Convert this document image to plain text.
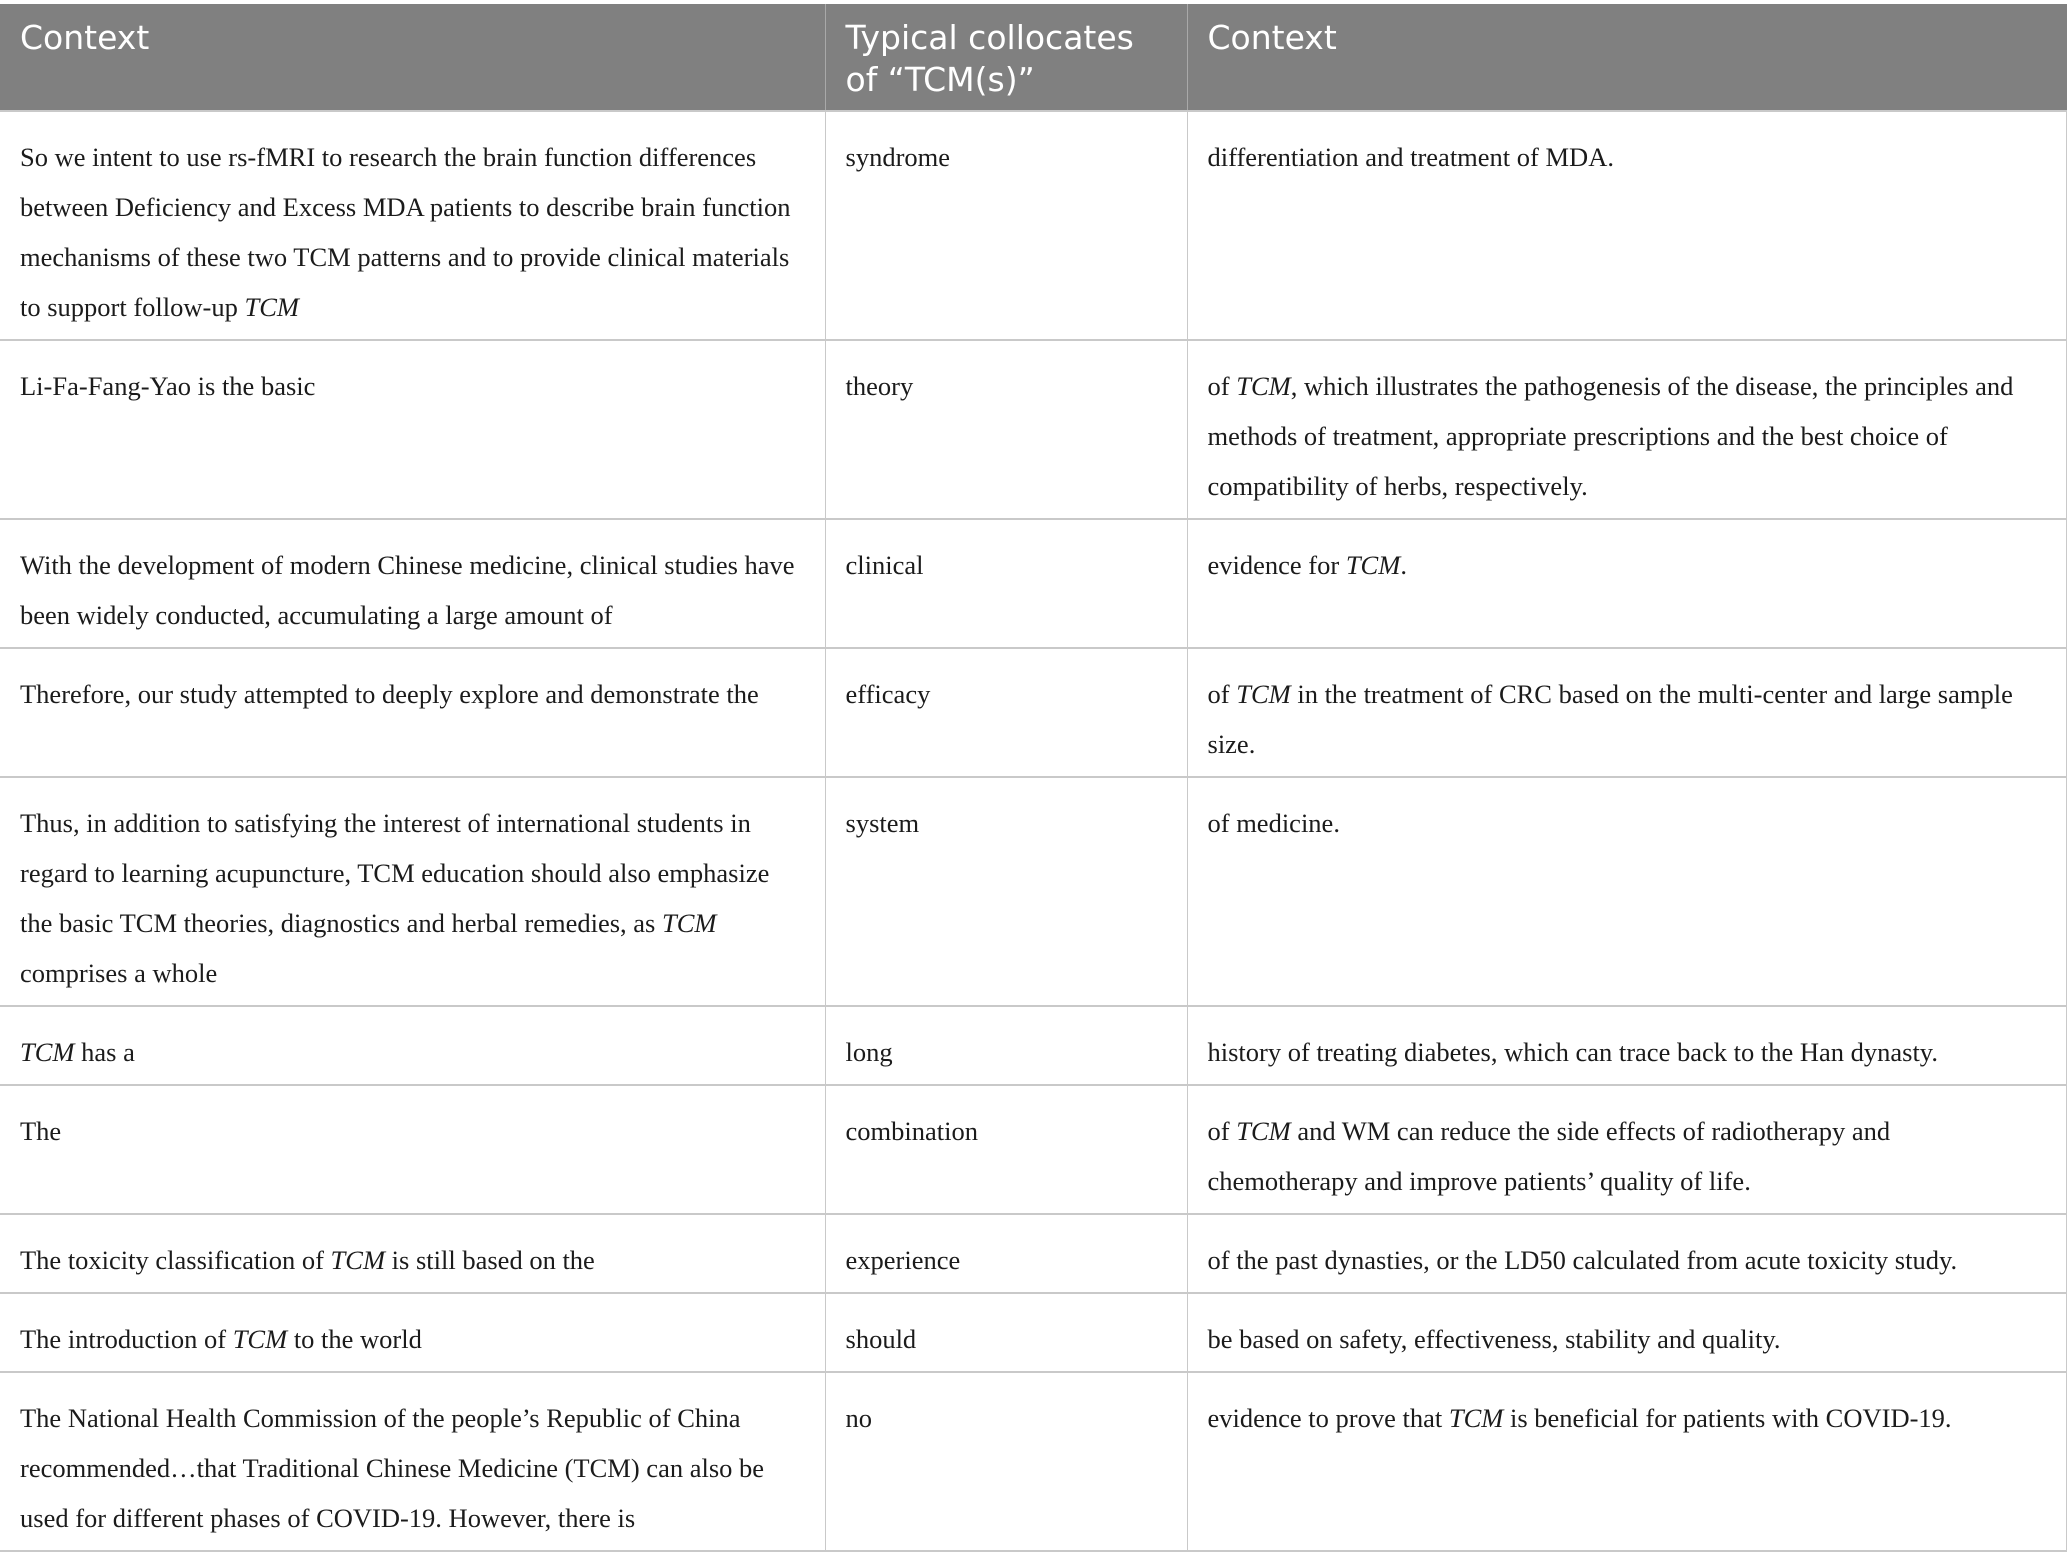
Context	Typical collocates of “TCM(s)”	Context
So we intent to use rs-fMRI to research the brain function differences between Deficiency and Excess MDA patients to describe brain function mechanisms of these two TCM patterns and to provide clinical materials to support follow-up TCM	syndrome	differentiation and treatment of MDA.
Li-Fa-Fang-Yao is the basic	theory	of TCM, which illustrates the pathogenesis of the disease, the principles and methods of treatment, appropriate prescriptions and the best choice of compatibility of herbs, respectively.
With the development of modern Chinese medicine, clinical studies have been widely conducted, accumulating a large amount of	clinical	evidence for TCM.
Therefore, our study attempted to deeply explore and demonstrate the	efficacy	of TCM in the treatment of CRC based on the multi-center and large sample size.
Thus, in addition to satisfying the interest of international students in regard to learning acupuncture, TCM education should also emphasize the basic TCM theories, diagnostics and herbal remedies, as TCM comprises a whole	system	of medicine.
TCM has a	long	history of treating diabetes, which can trace back to the Han dynasty.
The	combination	of TCM and WM can reduce the side effects of radiotherapy and chemotherapy and improve patients’ quality of life.
The toxicity classification of TCM is still based on the	experience	of the past dynasties, or the LD50 calculated from acute toxicity study.
The introduction of TCM to the world	should	be based on safety, effectiveness, stability and quality.
The National Health Commission of the people’s Republic of China recommended…that Traditional Chinese Medicine (TCM) can also be used for different phases of COVID-19. However, there is	no	evidence to prove that TCM is beneficial for patients with COVID-19.
